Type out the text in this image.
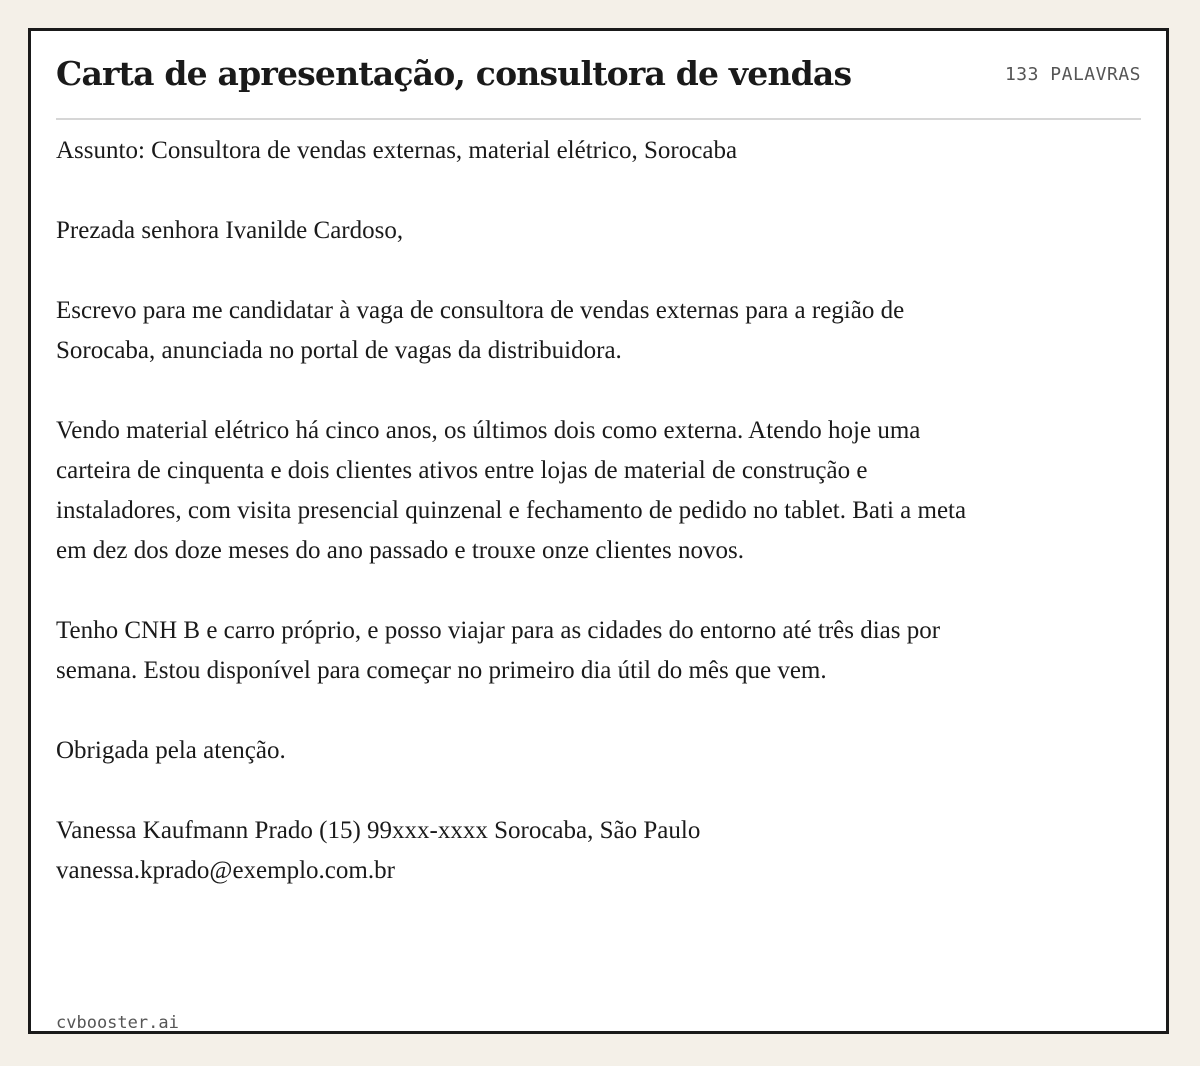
Carta de apresentação, consultora de vendas	133 PALAVRAS

Assunto: Consultora de vendas externas, material elétrico, Sorocaba

Prezada senhora Ivanilde Cardoso,

Escrevo para me candidatar à vaga de consultora de vendas externas para a região de Sorocaba, anunciada no portal de vagas da distribuidora.

Vendo material elétrico há cinco anos, os últimos dois como externa. Atendo hoje uma carteira de cinquenta e dois clientes ativos entre lojas de material de construção e instaladores, com visita presencial quinzenal e fechamento de pedido no tablet. Bati a meta em dez dos doze meses do ano passado e trouxe onze clientes novos.

Tenho CNH B e carro próprio, e posso viajar para as cidades do entorno até três dias por semana. Estou disponível para começar no primeiro dia útil do mês que vem.

Obrigada pela atenção.

Vanessa Kaufmann Prado (15) 99xxx-xxxx Sorocaba, São Paulo
vanessa.kprado@exemplo.com.br

cvbooster.ai
